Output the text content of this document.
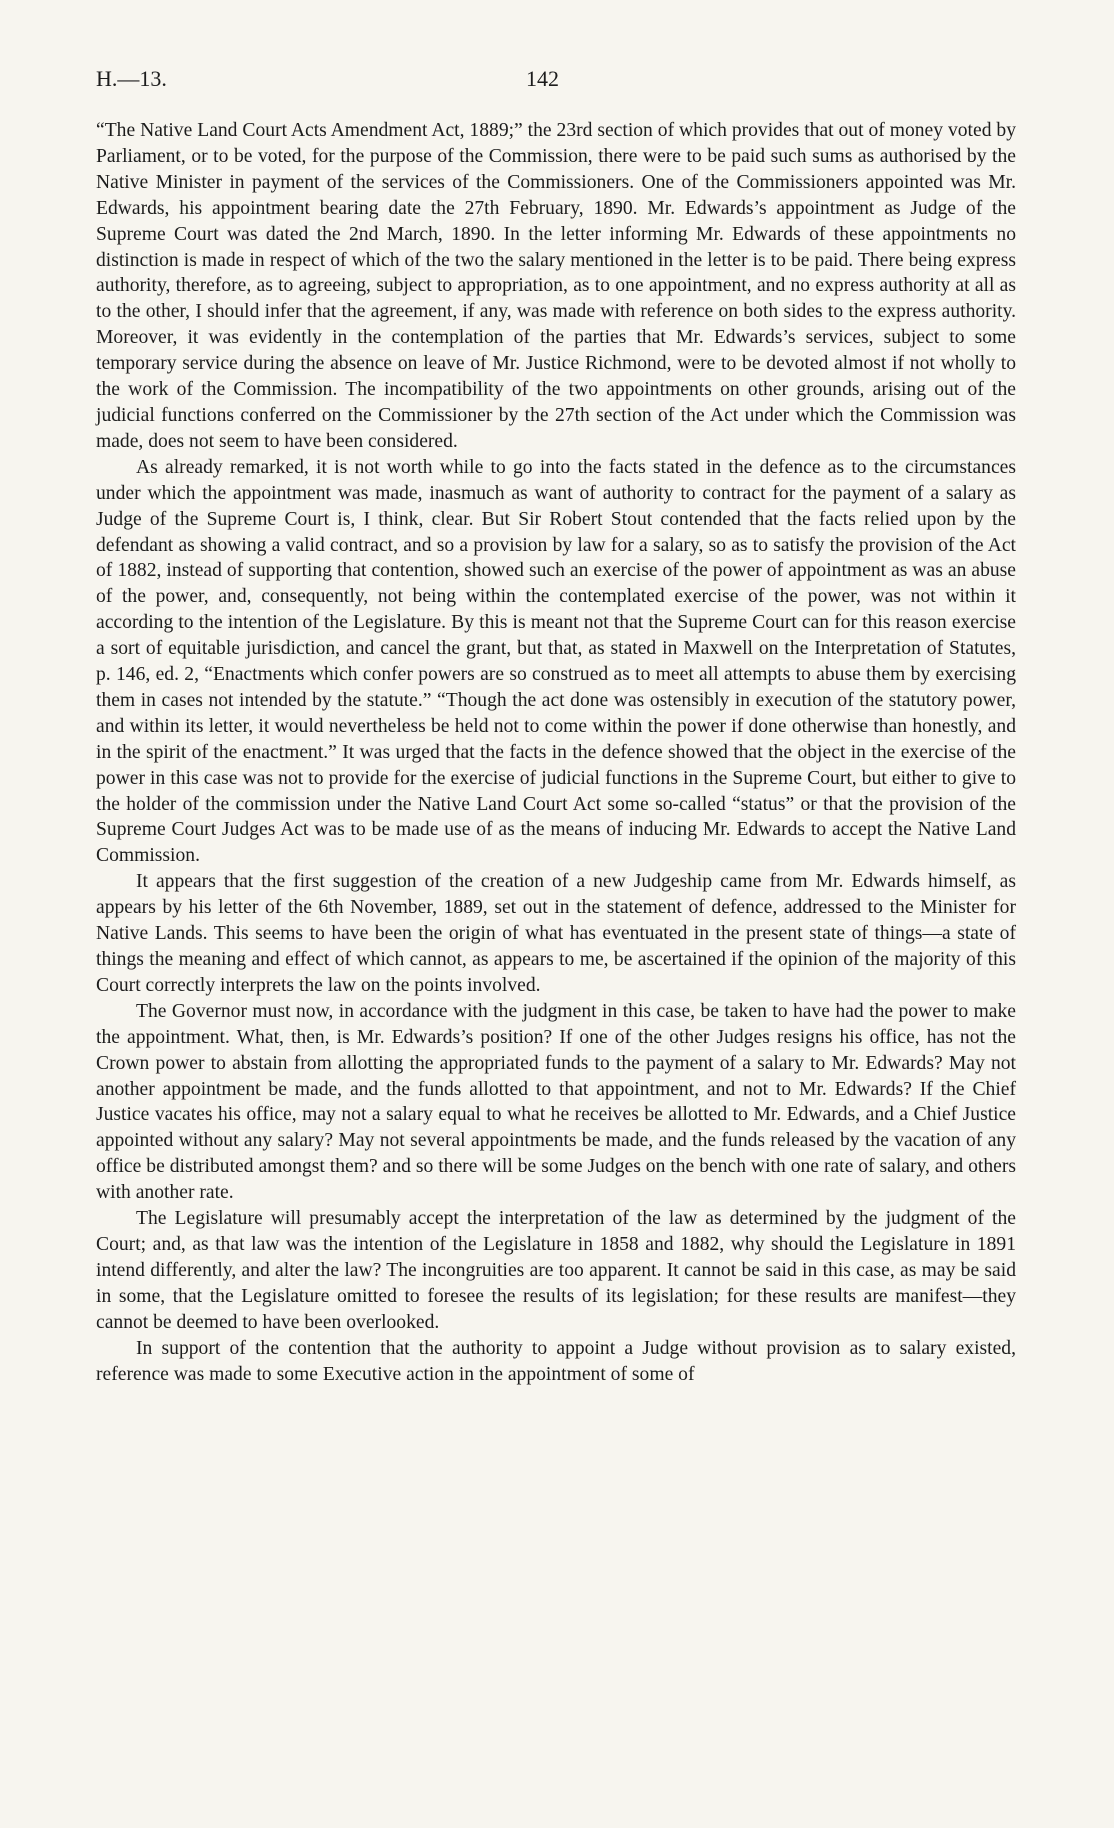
H.—13.	142

“The Native Land Court Acts Amendment Act, 1889;” the 23rd section of which provides that out of money voted by Parliament, or to be voted, for the purpose of the Commission, there were to be paid such sums as authorised by the Native Minister in payment of the services of the Commissioners. One of the Commissioners appointed was Mr. Edwards, his appointment bearing date the 27th February, 1890. Mr. Edwards’s appointment as Judge of the Supreme Court was dated the 2nd March, 1890. In the letter informing Mr. Edwards of these appointments no distinction is made in respect of which of the two the salary mentioned in the letter is to be paid. There being express authority, therefore, as to agreeing, subject to appropriation, as to one appointment, and no express authority at all as to the other, I should infer that the agreement, if any, was made with reference on both sides to the express authority. Moreover, it was evidently in the contemplation of the parties that Mr. Edwards’s services, subject to some temporary service during the absence on leave of Mr. Justice Richmond, were to be devoted almost if not wholly to the work of the Commission. The incompatibility of the two appointments on other grounds, arising out of the judicial functions conferred on the Commissioner by the 27th section of the Act under which the Commission was made, does not seem to have been considered.

As already remarked, it is not worth while to go into the facts stated in the defence as to the circumstances under which the appointment was made, inasmuch as want of authority to contract for the payment of a salary as Judge of the Supreme Court is, I think, clear. But Sir Robert Stout contended that the facts relied upon by the defendant as showing a valid contract, and so a provision by law for a salary, so as to satisfy the provision of the Act of 1882, instead of supporting that contention, showed such an exercise of the power of appointment as was an abuse of the power, and, consequently, not being within the contemplated exercise of the power, was not within it according to the intention of the Legislature. By this is meant not that the Supreme Court can for this reason exercise a sort of equitable jurisdiction, and cancel the grant, but that, as stated in Maxwell on the Interpretation of Statutes, p. 146, ed. 2, “Enactments which confer powers are so construed as to meet all attempts to abuse them by exercising them in cases not intended by the statute.” “Though the act done was ostensibly in execution of the statutory power, and within its letter, it would nevertheless be held not to come within the power if done otherwise than honestly, and in the spirit of the enactment.” It was urged that the facts in the defence showed that the object in the exercise of the power in this case was not to provide for the exercise of judicial functions in the Supreme Court, but either to give to the holder of the commission under the Native Land Court Act some so-called “status” or that the provision of the Supreme Court Judges Act was to be made use of as the means of inducing Mr. Edwards to accept the Native Land Commission.

It appears that the first suggestion of the creation of a new Judgeship came from Mr. Edwards himself, as appears by his letter of the 6th November, 1889, set out in the statement of defence, addressed to the Minister for Native Lands. This seems to have been the origin of what has eventuated in the present state of things—a state of things the meaning and effect of which cannot, as appears to me, be ascertained if the opinion of the majority of this Court correctly interprets the law on the points involved.

The Governor must now, in accordance with the judgment in this case, be taken to have had the power to make the appointment. What, then, is Mr. Edwards’s position? If one of the other Judges resigns his office, has not the Crown power to abstain from allotting the appropriated funds to the payment of a salary to Mr. Edwards? May not another appointment be made, and the funds allotted to that appointment, and not to Mr. Edwards? If the Chief Justice vacates his office, may not a salary equal to what he receives be allotted to Mr. Edwards, and a Chief Justice appointed without any salary? May not several appointments be made, and the funds released by the vacation of any office be distributed amongst them? and so there will be some Judges on the bench with one rate of salary, and others with another rate.

The Legislature will presumably accept the interpretation of the law as determined by the judgment of the Court; and, as that law was the intention of the Legislature in 1858 and 1882, why should the Legislature in 1891 intend differently, and alter the law? The incongruities are too apparent. It cannot be said in this case, as may be said in some, that the Legislature omitted to foresee the results of its legislation; for these results are manifest—they cannot be deemed to have been overlooked.

In support of the contention that the authority to appoint a Judge without provision as to salary existed, reference was made to some Executive action in the appointment of some of
